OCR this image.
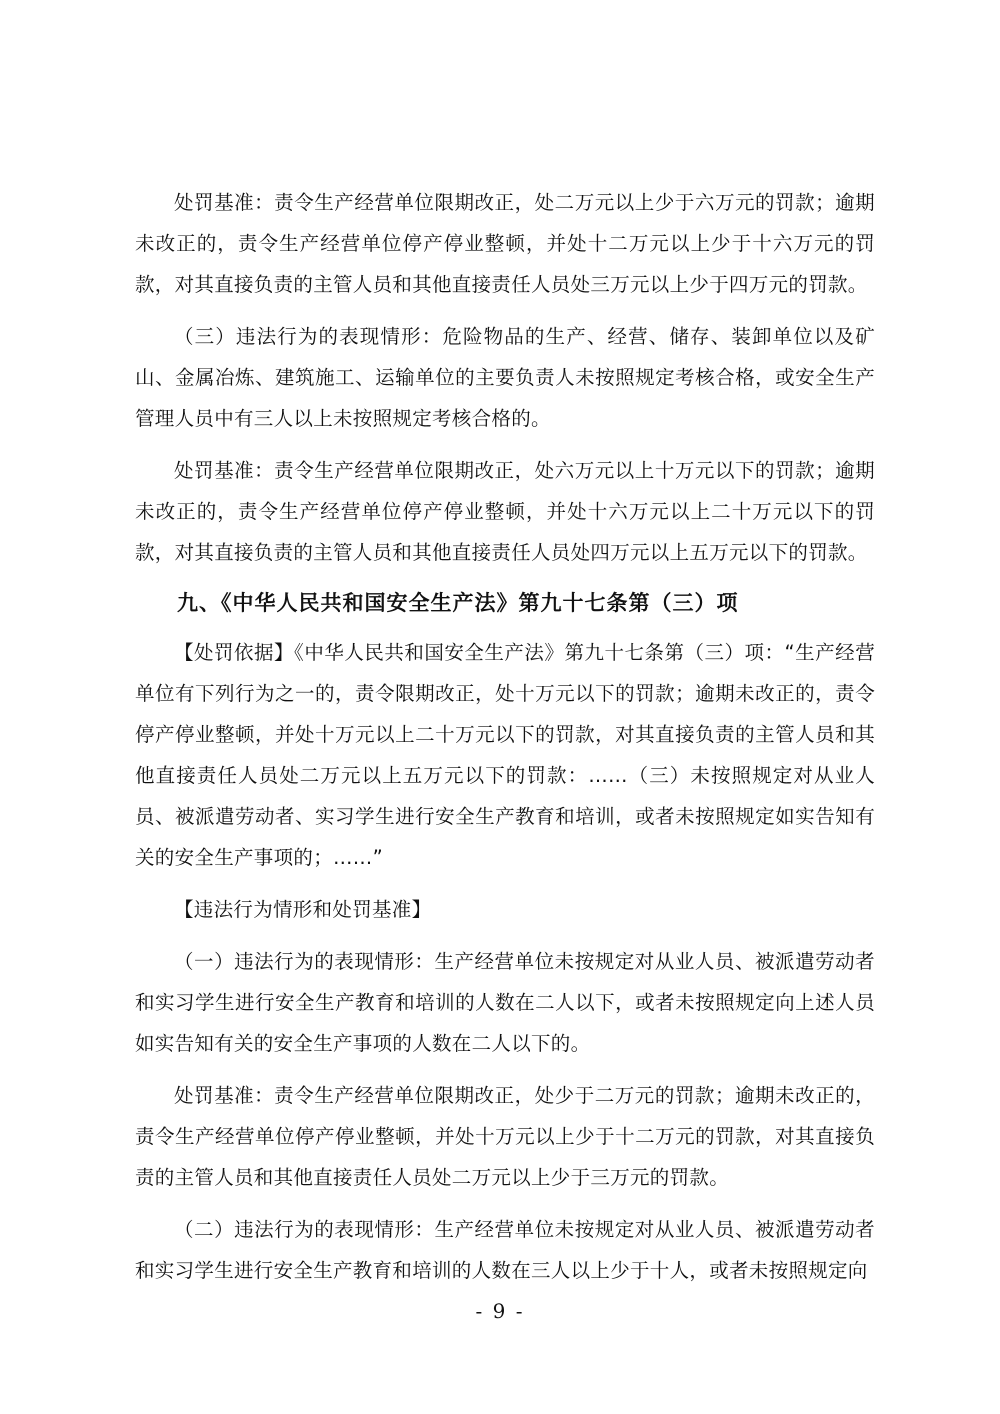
处罚基准：责令生产经营单位限期改正，处二万元以上少于六万元的罚款；逾期未改正的，责令生产经营单位停产停业整顿，并处十二万元以上少于十六万元的罚款，对其直接负责的主管人员和其他直接责任人员处三万元以上少于四万元的罚款。

（三）违法行为的表现情形：危险物品的生产、经营、储存、装卸单位以及矿山、金属冶炼、建筑施工、运输单位的主要负责人未按照规定考核合格，或安全生产管理人员中有三人以上未按照规定考核合格的。

处罚基准：责令生产经营单位限期改正，处六万元以上十万元以下的罚款；逾期未改正的，责令生产经营单位停产停业整顿，并处十六万元以上二十万元以下的罚款，对其直接负责的主管人员和其他直接责任人员处四万元以上五万元以下的罚款。

九、《中华人民共和国安全生产法》第九十七条第（三）项

【处罚依据】《中华人民共和国安全生产法》第九十七条第（三）项：“生产经营单位有下列行为之一的，责令限期改正，处十万元以下的罚款；逾期未改正的，责令停产停业整顿，并处十万元以上二十万元以下的罚款，对其直接负责的主管人员和其他直接责任人员处二万元以上五万元以下的罚款：……（三）未按照规定对从业人员、被派遣劳动者、实习学生进行安全生产教育和培训，或者未按照规定如实告知有关的安全生产事项的；……”

【违法行为情形和处罚基准】

（一）违法行为的表现情形：生产经营单位未按规定对从业人员、被派遣劳动者和实习学生进行安全生产教育和培训的人数在二人以下，或者未按照规定向上述人员如实告知有关的安全生产事项的人数在二人以下的。

处罚基准：责令生产经营单位限期改正，处少于二万元的罚款；逾期未改正的，责令生产经营单位停产停业整顿，并处十万元以上少于十二万元的罚款，对其直接负责的主管人员和其他直接责任人员处二万元以上少于三万元的罚款。

（二）违法行为的表现情形：生产经营单位未按规定对从业人员、被派遣劳动者和实习学生进行安全生产教育和培训的人数在三人以上少于十人，或者未按照规定向

- 9 -
